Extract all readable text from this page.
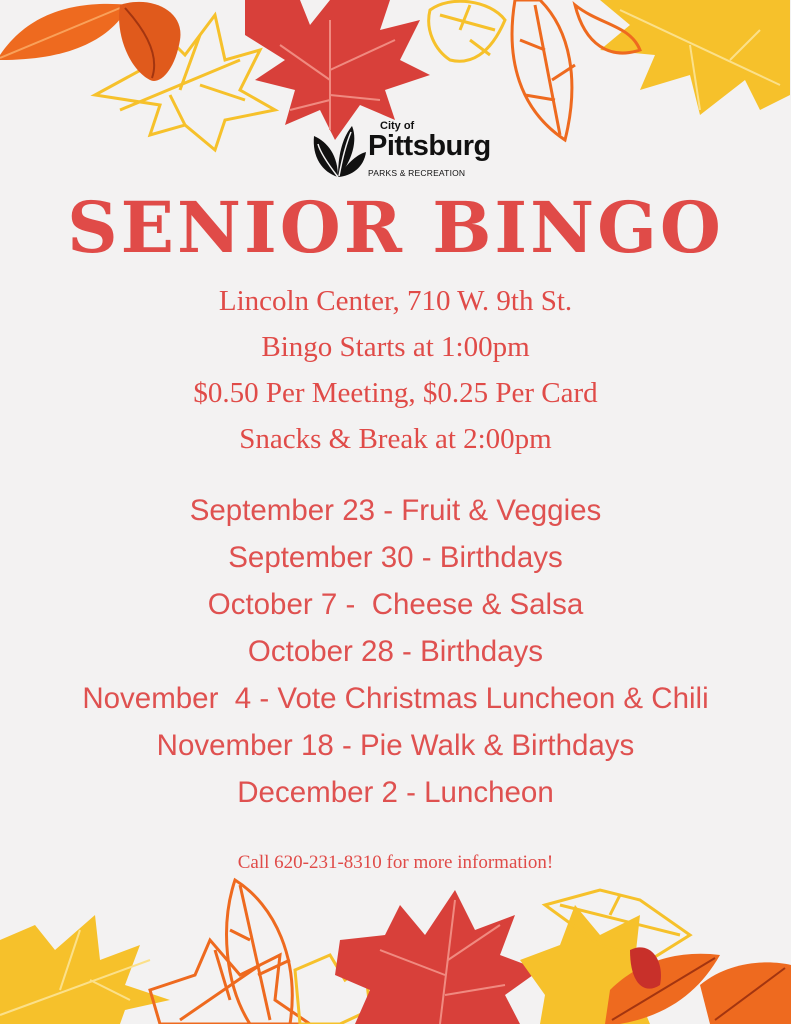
City of
Pittsburg
PARKS & RECREATION
SENIOR BINGO
Lincoln Center, 710 W. 9th St.
Bingo Starts at 1:00pm
$0.50 Per Meeting, $0.25 Per Card
Snacks & Break at 2:00pm
September 23 - Fruit & Veggies
September 30 - Birthdays
October 7 -  Cheese & Salsa
October 28 - Birthdays
November  4 - Vote Christmas Luncheon & Chili
November 18 - Pie Walk & Birthdays
December 2 - Luncheon
Call 620-231-8310 for more information!
